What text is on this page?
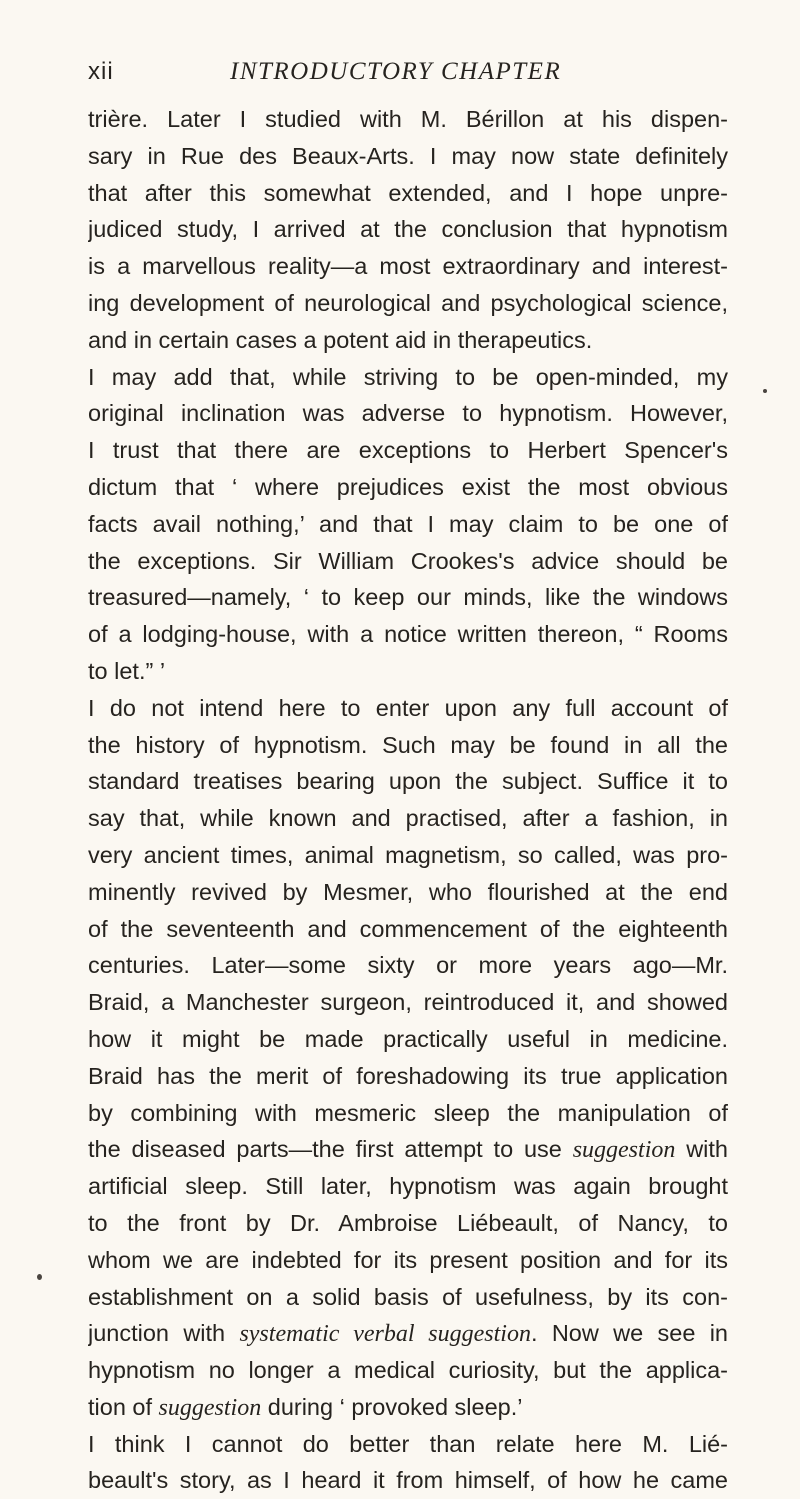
xii	INTRODUCTORY CHAPTER
trière. Later I studied with M. Bérillon at his dispen-
sary in Rue des Beaux-Arts. I may now state definitely
that after this somewhat extended, and I hope unpre-
judiced study, I arrived at the conclusion that hypnotism
is a marvellous reality—a most extraordinary and interest-
ing development of neurological and psychological science,
and in certain cases a potent aid in therapeutics.
I may add that, while striving to be open-minded, my
original inclination was adverse to hypnotism. However,
I trust that there are exceptions to Herbert Spencer's
dictum that ‘ where prejudices exist the most obvious
facts avail nothing,’ and that I may claim to be one of
the exceptions. Sir William Crookes's advice should be
treasured—namely, ‘ to keep our minds, like the windows
of a lodging-house, with a notice written thereon, “ Rooms
to let.” ’
I do not intend here to enter upon any full account of
the history of hypnotism. Such may be found in all the
standard treatises bearing upon the subject. Suffice it to
say that, while known and practised, after a fashion, in
very ancient times, animal magnetism, so called, was pro-
minently revived by Mesmer, who flourished at the end
of the seventeenth and commencement of the eighteenth
centuries. Later—some sixty or more years ago—Mr.
Braid, a Manchester surgeon, reintroduced it, and showed
how it might be made practically useful in medicine.
Braid has the merit of foreshadowing its true application
by combining with mesmeric sleep the manipulation of
the diseased parts—the first attempt to use suggestion with
artificial sleep. Still later, hypnotism was again brought
to the front by Dr. Ambroise Liébeault, of Nancy, to
whom we are indebted for its present position and for its
establishment on a solid basis of usefulness, by its con-
junction with systematic verbal suggestion. Now we see in
hypnotism no longer a medical curiosity, but the applica-
tion of suggestion during ‘ provoked sleep.’
I think I cannot do better than relate here M. Lié-
beault's story, as I heard it from himself, of how he came
